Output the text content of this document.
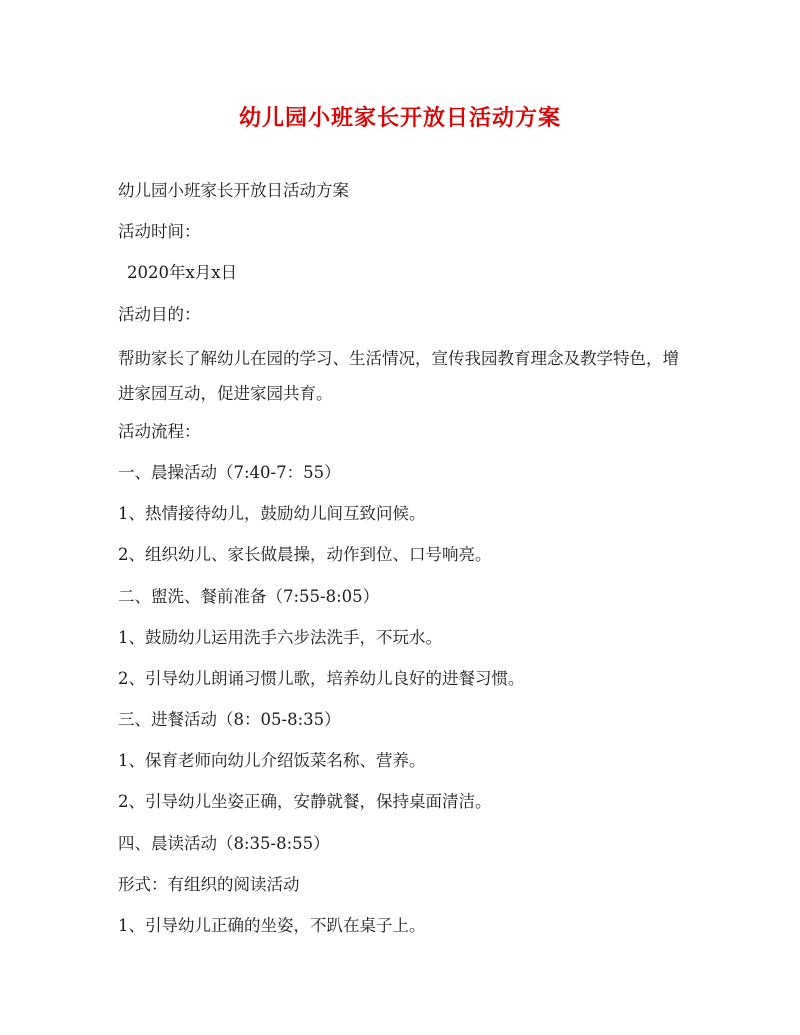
幼儿园小班家长开放日活动方案
幼儿园小班家长开放日活动方案
活动时间：
2020年x月x日
活动目的：
帮助家长了解幼儿在园的学习、生活情况，宣传我园教育理念及教学特色，增进家园互动，促进家园共育。
活动流程：
一、晨操活动（7:40-7：55）
1、热情接待幼儿，鼓励幼儿间互致问候。
2、组织幼儿、家长做晨操，动作到位、口号响亮。
二、盥洗、餐前准备（7:55-8:05）
1、鼓励幼儿运用洗手六步法洗手，不玩水。
2、引导幼儿朗诵习惯儿歌，培养幼儿良好的进餐习惯。
三、进餐活动（8：05-8:35）
1、保育老师向幼儿介绍饭菜名称、营养。
2、引导幼儿坐姿正确，安静就餐，保持桌面清洁。
四、晨读活动（8:35-8:55）
形式：有组织的阅读活动
1、引导幼儿正确的坐姿，不趴在桌子上。
